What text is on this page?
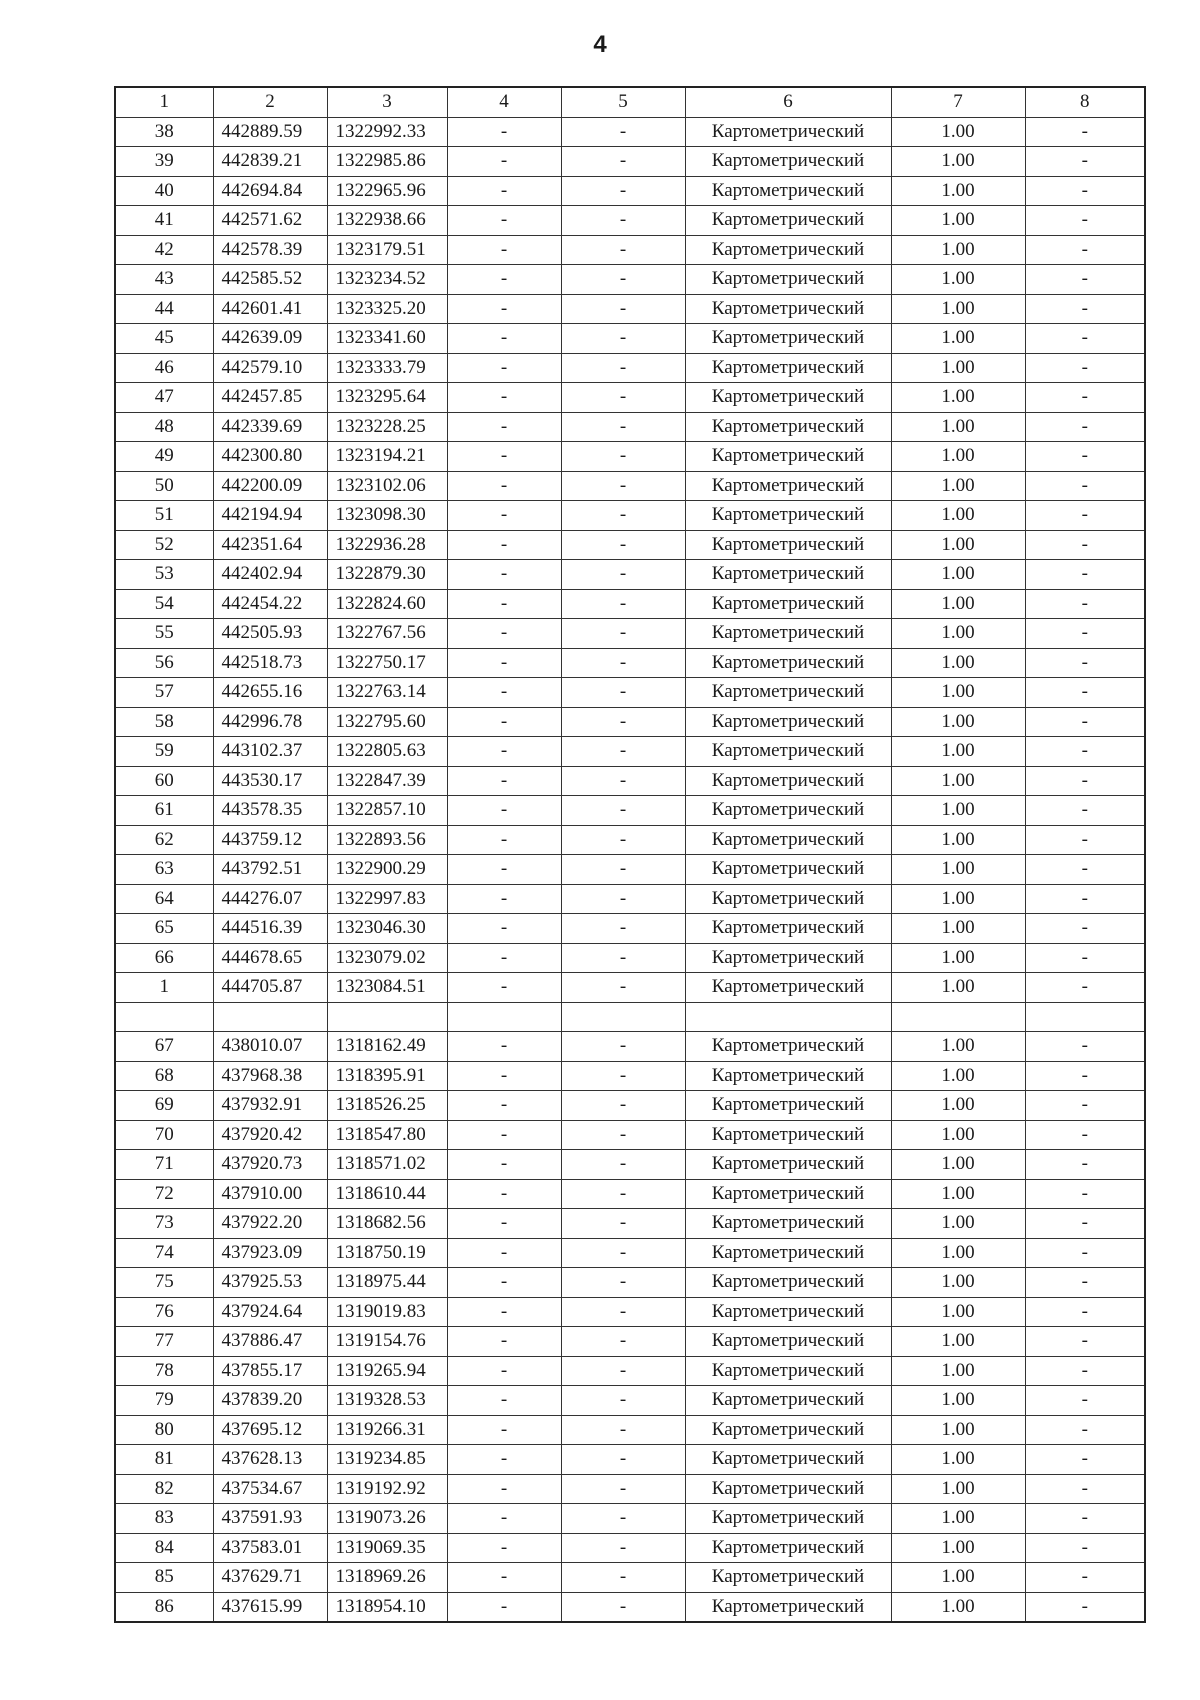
4
1	2	3	4	5	6	7	8
38	442889.59	1322992.33	-	-	Картометрический	1.00	-
39	442839.21	1322985.86	-	-	Картометрический	1.00	-
40	442694.84	1322965.96	-	-	Картометрический	1.00	-
41	442571.62	1322938.66	-	-	Картометрический	1.00	-
42	442578.39	1323179.51	-	-	Картометрический	1.00	-
43	442585.52	1323234.52	-	-	Картометрический	1.00	-
44	442601.41	1323325.20	-	-	Картометрический	1.00	-
45	442639.09	1323341.60	-	-	Картометрический	1.00	-
46	442579.10	1323333.79	-	-	Картометрический	1.00	-
47	442457.85	1323295.64	-	-	Картометрический	1.00	-
48	442339.69	1323228.25	-	-	Картометрический	1.00	-
49	442300.80	1323194.21	-	-	Картометрический	1.00	-
50	442200.09	1323102.06	-	-	Картометрический	1.00	-
51	442194.94	1323098.30	-	-	Картометрический	1.00	-
52	442351.64	1322936.28	-	-	Картометрический	1.00	-
53	442402.94	1322879.30	-	-	Картометрический	1.00	-
54	442454.22	1322824.60	-	-	Картометрический	1.00	-
55	442505.93	1322767.56	-	-	Картометрический	1.00	-
56	442518.73	1322750.17	-	-	Картометрический	1.00	-
57	442655.16	1322763.14	-	-	Картометрический	1.00	-
58	442996.78	1322795.60	-	-	Картометрический	1.00	-
59	443102.37	1322805.63	-	-	Картометрический	1.00	-
60	443530.17	1322847.39	-	-	Картометрический	1.00	-
61	443578.35	1322857.10	-	-	Картометрический	1.00	-
62	443759.12	1322893.56	-	-	Картометрический	1.00	-
63	443792.51	1322900.29	-	-	Картометрический	1.00	-
64	444276.07	1322997.83	-	-	Картометрический	1.00	-
65	444516.39	1323046.30	-	-	Картометрический	1.00	-
66	444678.65	1323079.02	-	-	Картометрический	1.00	-
1	444705.87	1323084.51	-	-	Картометрический	1.00	-

67	438010.07	1318162.49	-	-	Картометрический	1.00	-
68	437968.38	1318395.91	-	-	Картометрический	1.00	-
69	437932.91	1318526.25	-	-	Картометрический	1.00	-
70	437920.42	1318547.80	-	-	Картометрический	1.00	-
71	437920.73	1318571.02	-	-	Картометрический	1.00	-
72	437910.00	1318610.44	-	-	Картометрический	1.00	-
73	437922.20	1318682.56	-	-	Картометрический	1.00	-
74	437923.09	1318750.19	-	-	Картометрический	1.00	-
75	437925.53	1318975.44	-	-	Картометрический	1.00	-
76	437924.64	1319019.83	-	-	Картометрический	1.00	-
77	437886.47	1319154.76	-	-	Картометрический	1.00	-
78	437855.17	1319265.94	-	-	Картометрический	1.00	-
79	437839.20	1319328.53	-	-	Картометрический	1.00	-
80	437695.12	1319266.31	-	-	Картометрический	1.00	-
81	437628.13	1319234.85	-	-	Картометрический	1.00	-
82	437534.67	1319192.92	-	-	Картометрический	1.00	-
83	437591.93	1319073.26	-	-	Картометрический	1.00	-
84	437583.01	1319069.35	-	-	Картометрический	1.00	-
85	437629.71	1318969.26	-	-	Картометрический	1.00	-
86	437615.99	1318954.10	-	-	Картометрический	1.00	-
